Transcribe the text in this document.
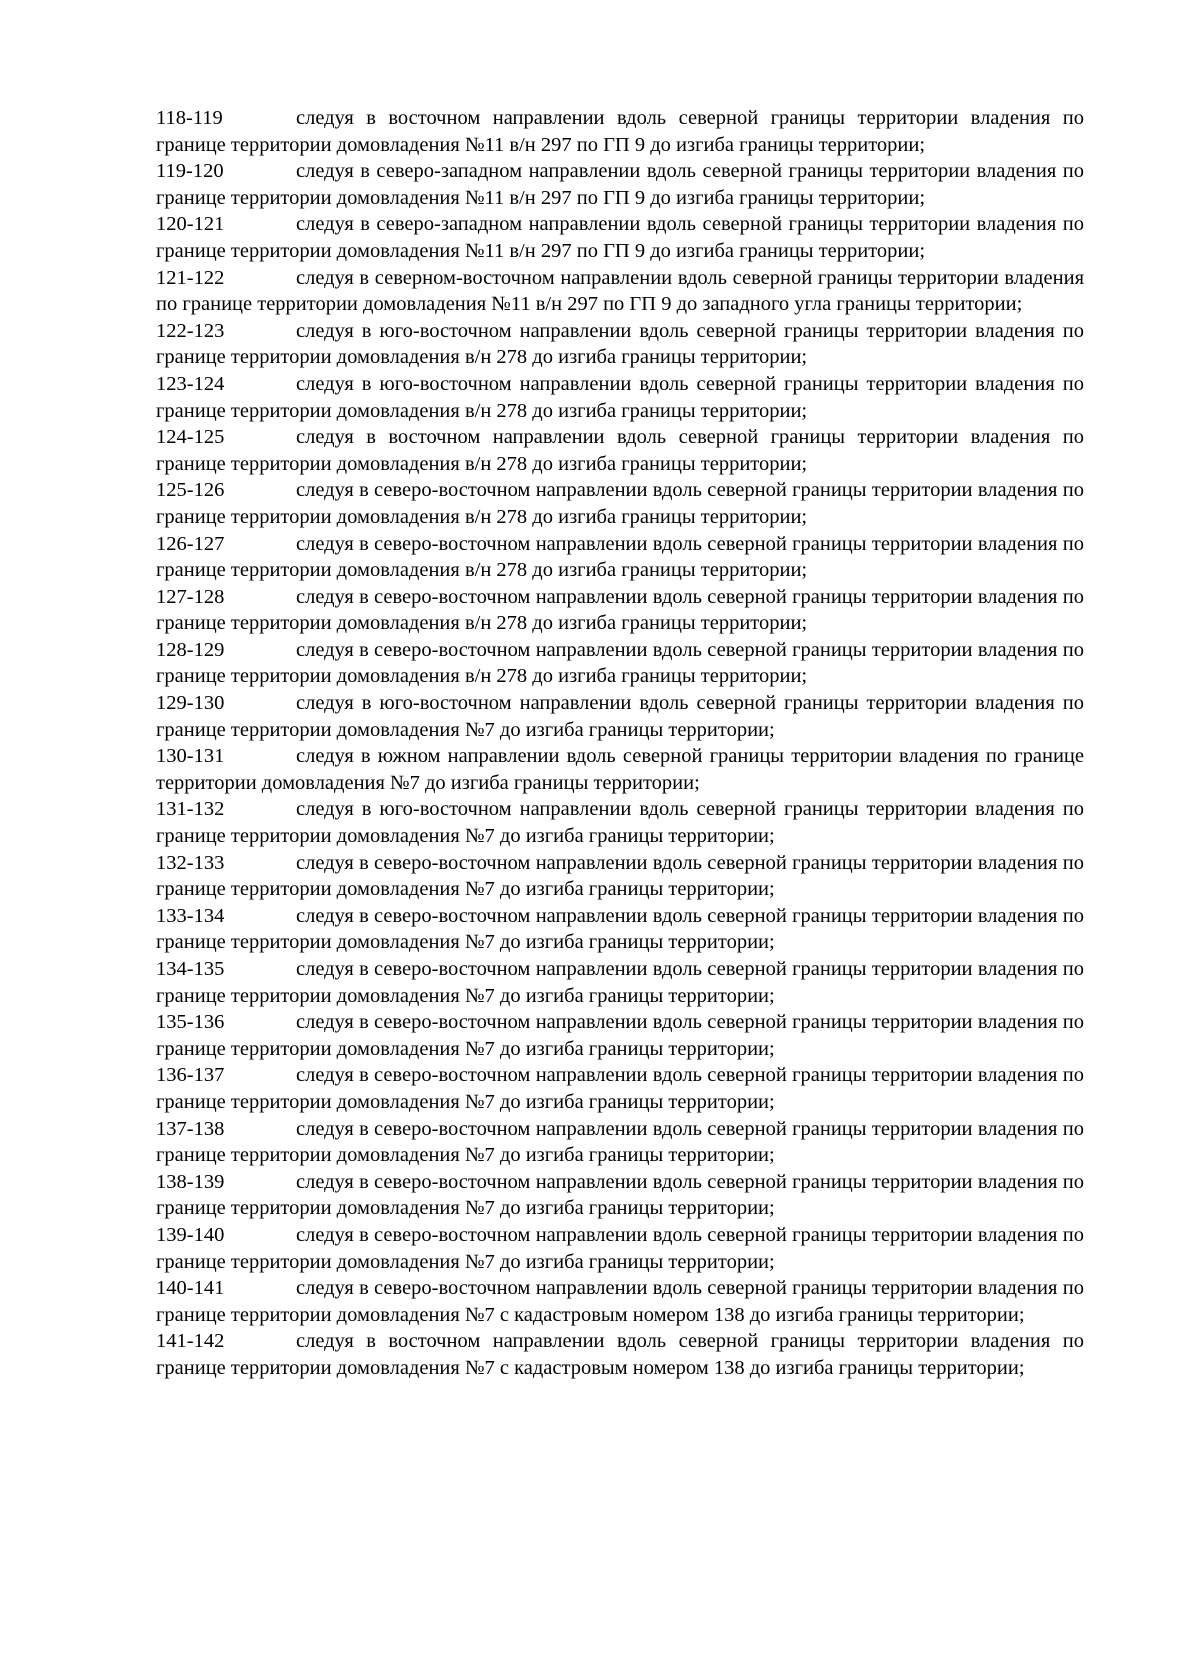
118-119	следуя в восточном направлении вдоль северной границы территории владения по границе территории домовладения №11 в/н 297 по ГП 9 до изгиба границы территории;

119-120	следуя в северо-западном направлении вдоль северной границы территории владения по границе территории домовладения №11 в/н 297 по ГП 9 до изгиба границы территории;

120-121	следуя в северо-западном направлении вдоль северной границы территории владения по границе территории домовладения №11 в/н 297 по ГП 9 до изгиба границы территории;

121-122	следуя в северном-восточном направлении вдоль северной границы территории владения по границе территории домовладения №11 в/н 297 по ГП 9 до западного угла границы территории;

122-123	следуя в юго-восточном направлении вдоль северной границы территории владения по границе территории домовладения в/н 278 до изгиба границы территории;

123-124	следуя в юго-восточном направлении вдоль северной границы территории владения по границе территории домовладения в/н 278 до изгиба границы территории;

124-125	следуя в восточном направлении вдоль северной границы территории владения по границе территории домовладения в/н 278 до изгиба границы территории;

125-126	следуя в северо-восточном направлении вдоль северной границы территории владения по границе территории домовладения в/н 278 до изгиба границы территории;

126-127	следуя в северо-восточном направлении вдоль северной границы территории владения по границе территории домовладения в/н 278 до изгиба границы территории;

127-128	следуя в северо-восточном направлении вдоль северной границы территории владения по границе территории домовладения в/н 278 до изгиба границы территории;

128-129	следуя в северо-восточном направлении вдоль северной границы территории владения по границе территории домовладения в/н 278 до изгиба границы территории;

129-130	следуя в юго-восточном направлении вдоль северной границы территории владения по границе территории домовладения №7 до изгиба границы территории;

130-131	следуя в южном направлении вдоль северной границы территории владения по границе территории домовладения №7 до изгиба границы территории;

131-132	следуя в юго-восточном направлении вдоль северной границы территории владения по границе территории домовладения №7 до изгиба границы территории;

132-133	следуя в северо-восточном направлении вдоль северной границы территории владения по границе территории домовладения №7 до изгиба границы территории;

133-134	следуя в северо-восточном направлении вдоль северной границы территории владения по границе территории домовладения №7 до изгиба границы территории;

134-135	следуя в северо-восточном направлении вдоль северной границы территории владения по границе территории домовладения №7 до изгиба границы территории;

135-136	следуя в северо-восточном направлении вдоль северной границы территории владения по границе территории домовладения №7 до изгиба границы территории;

136-137	следуя в северо-восточном направлении вдоль северной границы территории владения по границе территории домовладения №7 до изгиба границы территории;

137-138	следуя в северо-восточном направлении вдоль северной границы территории владения по границе территории домовладения №7 до изгиба границы территории;

138-139	следуя в северо-восточном направлении вдоль северной границы территории владения по границе территории домовладения №7 до изгиба границы территории;

139-140	следуя в северо-восточном направлении вдоль северной границы территории владения по границе территории домовладения №7 до изгиба границы территории;

140-141	следуя в северо-восточном направлении вдоль северной границы территории владения по границе территории домовладения №7 с кадастровым номером 138 до изгиба границы территории;

141-142	следуя в восточном направлении вдоль северной границы территории владения по границе территории домовладения №7 с кадастровым номером 138 до изгиба границы территории;
